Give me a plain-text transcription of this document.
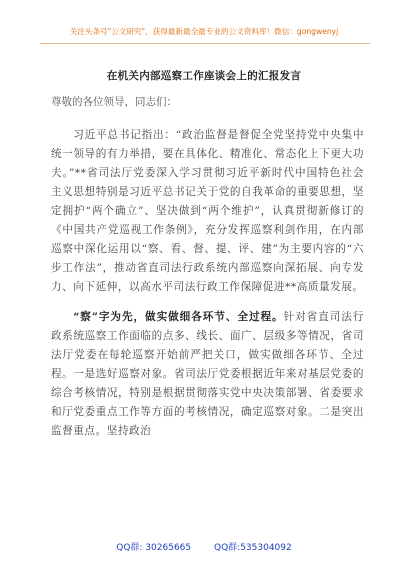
关注头条号"公文研究"，获得最新最全最专业的公文资料库！微信：gongwenyj
在机关内部巡察工作座谈会上的汇报发言
尊敬的各位领导，同志们：

习近平总书记指出：“政治监督是督促全党坚持党中央集中统一领导的有力举措，要在具体化、精准化、常态化上下更大功夫。”**省司法厅党委深入学习贯彻习近平新时代中国特色社会主义思想特别是习近平总书记关于党的自我革命的重要思想，坚定拥护“两个确立”、坚决做到“两个维护”，认真贯彻新修订的《中国共产党巡视工作条例》，充分发挥巡察利剑作用，在内部巡察中深化运用以“察、看、督、提、评、建”为主要内容的“六步工作法”，推动省直司法行政系统内部巡察向深拓展、向专发力、向下延伸，以高水平司法行政工作保障促进**高质量发展。

“察”字为先，做实做细各环节、全过程。针对省直司法行政系统巡察工作面临的点多、线长、面广、层级多等情况，省司法厅党委在每轮巡察开始前严把关口，做实做细各环节、全过程。一是选好巡察对象。省司法厅党委根据近年来对基层党委的综合考核情况，特别是根据贯彻落实党中央决策部署、省委要求和厅党委重点工作等方面的考核情况，确定巡察对象。二是突出监督重点。坚持政治

QQ群: 30265665	QQ群:535304092
